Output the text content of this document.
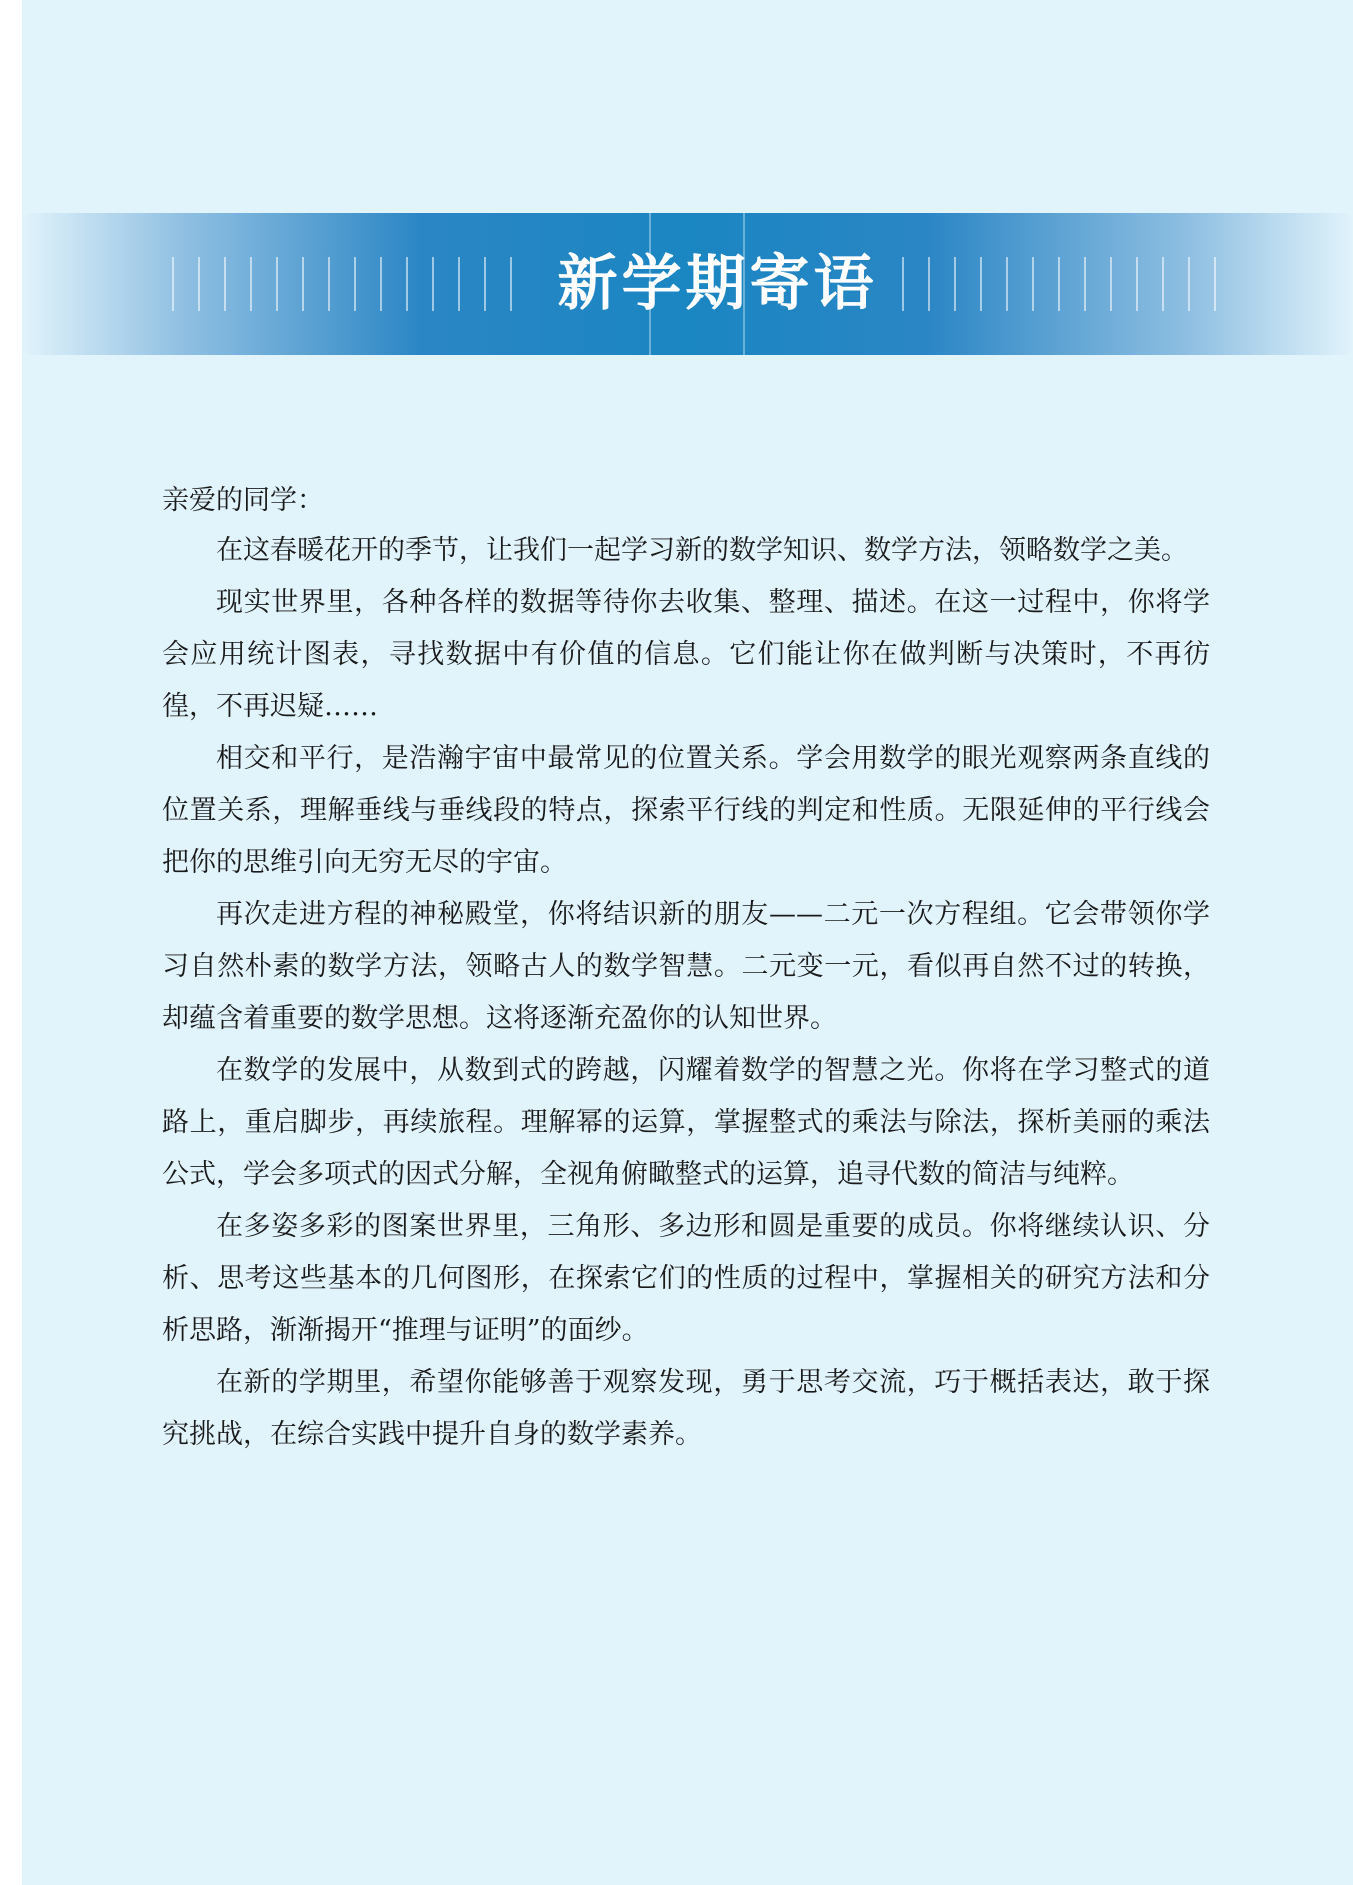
新学期寄语
亲爱的同学：

在这春暖花开的季节，让我们一起学习新的数学知识、数学方法，领略数学之美。

现实世界里，各种各样的数据等待你去收集、整理、描述。在这一过程中，你将学会应用统计图表，寻找数据中有价值的信息。它们能让你在做判断与决策时，不再彷徨，不再迟疑……

相交和平行，是浩瀚宇宙中最常见的位置关系。学会用数学的眼光观察两条直线的位置关系，理解垂线与垂线段的特点，探索平行线的判定和性质。无限延伸的平行线会把你的思维引向无穷无尽的宇宙。

再次走进方程的神秘殿堂，你将结识新的朋友——二元一次方程组。它会带领你学习自然朴素的数学方法，领略古人的数学智慧。二元变一元，看似再自然不过的转换，却蕴含着重要的数学思想。这将逐渐充盈你的认知世界。

在数学的发展中，从数到式的跨越，闪耀着数学的智慧之光。你将在学习整式的道路上，重启脚步，再续旅程。理解幂的运算，掌握整式的乘法与除法，探析美丽的乘法公式，学会多项式的因式分解，全视角俯瞰整式的运算，追寻代数的简洁与纯粹。

在多姿多彩的图案世界里，三角形、多边形和圆是重要的成员。你将继续认识、分析、思考这些基本的几何图形，在探索它们的性质的过程中，掌握相关的研究方法和分析思路，渐渐揭开“推理与证明”的面纱。

在新的学期里，希望你能够善于观察发现，勇于思考交流，巧于概括表达，敢于探究挑战，在综合实践中提升自身的数学素养。
